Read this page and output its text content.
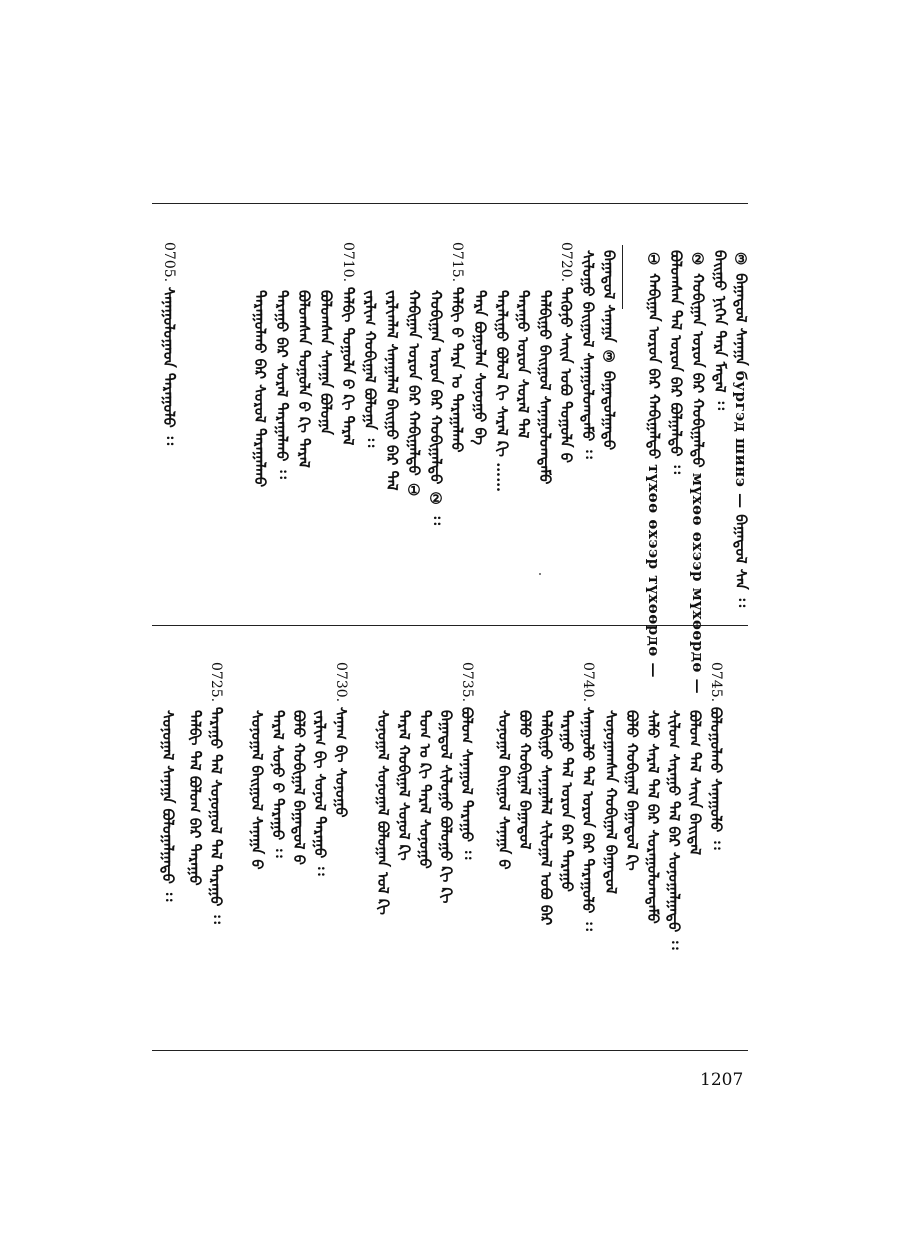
③ ᠪᠠᠭᠠᠳᠤᠯ ᠰᠠᠨᠠᠭᠠ бургэд шинэ — ᠪᠠᠭᠠᠳᠤᠯ ᠰᠠᠨ ᠄᠄
ᠪᠠᠢ᠌ᠭᠤ ᠨᠢᠭᠡᠨ ᠲᠡᠷᠡ ᠮᠡᠳᠡᠯ ᠄᠄
② ᠬᠤᠪᠢᠭᠠᠨ ᠣᠷᠤᠨ ᠪᠠᠷ ᠬᠤᠪᠢᠭᠠᠯᠳᠤ мүхөө өхээр мүхөөрдө —
ᠪᠤᠯᠤᠭᠰᠠᠨ ᠲᠠᠯ ᠣᠷᠤᠨ ᠪᠠᠷ ᠪᠣᠯᠭᠠᠯᠳᠤ ᠄᠄
① ᠬᠠᠪᠢᠭᠠᠨ ᠣᠷᠤᠨ ᠪᠠᠷ ᠬᠠᠪᠢᠭᠠᠯᠳᠤ түхөө өхээр түхөөрдө —
ᠪᠠᠭᠠᠳᠤᠯ ᠰᠠᠨᠠᠭᠠ ③ ᠪᠠᠭᠠᠳᠤᠯᠭᠠᠳᠤ
ᠰᠢᠯᠤᠭᠤ ᠪᠠᠢ᠌ᠭᠤᠯ ᠰᠠᠨᠠᠭᠤᠯᠤᠭᠳᠠᠮᠤ ᠄᠄
0720. ᠲᠡᠭᠦᠨᠦ ᠰᠠᠢ᠌ᠨ ᠤᠪᠤ ᠲᠣᠭᠤᠯᠠ ᠪ
ᠲᠠᠯᠪᠢᠭᠤ ᠪᠠᠢ᠌ᠭᠤᠯ ᠰᠠᠨᠠᠭᠤᠯᠤᠭᠳᠠᠮᠤ
ᠲᠠᠷᠠᠭᠤ ᠣᠷᠤᠨ ᠰᠤᠷᠠᠯ ᠲᠠᠯ
ᠲᠠᠷᠠᠯᠢᠭᠤ ᠪᠣᠯᠤᠯ ᠺᠢ ᠰᠠᠷᠠᠯ ᠺᠢ ……
ᠲᠠᠷᠠ ᠪᠣᠭᠤᠯᠠᠨ ᠰᠣᠨᠣᠭᠤ ᠪᠠ
0715. ᠲᠠᠯᠪᠢ ᠪ ᠲᠠᠷᠠ ᠤ ᠲᠠᠷᠠᠭᠠᠯᠬᠤ
ᠬᠤᠪᠢᠭᠠᠨ ᠣᠷᠤᠨ ᠪᠠᠷ ᠬᠤᠪᠢᠭᠠᠯᠳᠤ ② ᠄᠄
ᠬᠠᠪᠢᠭᠠᠨ ᠣᠷᠤᠨ ᠪᠠᠷ ᠬᠠᠪᠢᠭᠠᠯᠳᠤ ①
ᠵᠠᠷᠯᠢᠭᠯᠠᠯ ᠰᠠᠨᠠᠭᠠᠯᠠᠯ ᠪᠠᠢ᠌ᠭᠤ ᠪᠠᠷ ᠲᠠᠯ
ᠵᠠᠷᠯᠢᠭ ᠬᠤᠪᠢᠭᠠᠯ ᠪᠣᠯᠤᠭᠠ ᠄᠄
0710. ᠲᠠᠯᠪᠢ ᠲᠣᠭᠤᠯᠠ ᠪ ᠺᠢ ᠲᠠᠷᠠᠯ
ᠪᠣᠯᠤᠭᠰᠠᠨ ᠰᠠᠨᠠᠭᠠ ᠪᠣᠯᠤᠭᠠ
ᠪᠣᠯᠤᠭᠰᠠᠨ ᠲᠣᠭᠤᠯᠠ ᠪ ᠺᠢ ᠲᠠᠷᠠᠯ
ᠲᠠᠷᠠᠭᠤ ᠪᠠᠷ ᠰᠤᠷᠠᠯ ᠲᠠᠷᠠᠭᠠᠯᠬᠤ ᠄᠄
ᠲᠠᠷᠠᠭᠤᠯᠬᠤ ᠪᠠᠷ ᠰᠣᠷᠤᠯ ᠲᠠᠷᠠᠭᠠᠯᠬᠤ
0705. ᠰᠠᠨᠠᠭᠤᠯᠤᠭᠠᠳ ᠲᠠᠷᠠᠭᠤᠯᠤ ᠄᠄
0745. ᠪᠣᠯᠤᠭᠤᠯᠬᠤ ᠰᠠᠨᠠᠭᠤᠯᠤ ᠄᠄
ᠪᠣᠯᠤᠭ ᠲᠠᠯ ᠰᠠᠢ᠌ᠨ ᠪᠠᠢ᠌ᠳᠠᠯ
ᠰᠢᠯᠤᠭ ᠰᠠᠷᠠᠭᠤ ᠲᠠᠯ ᠪᠠᠷ ᠰᠣᠨᠣᠭᠠᠯᠭᠠᠳᠤ ᠄᠄
ᠰᠠᠯᠤ ᠰᠠᠷᠠᠯ ᠲᠠᠯ ᠪᠠᠷ ᠰᠤᠷᠠᠭᠤᠯᠤᠭᠳᠠᠮᠤ
ᠪᠣᠯᠤ ᠬᠤᠪᠢᠭᠠᠯ ᠪᠠᠭᠠᠳᠤᠯ ᠺᠢ
ᠰᠣᠨᠣᠭᠠᠭᠰᠠᠨ ᠬᠤᠪᠢᠭᠠᠯ ᠪᠠᠭᠠᠳᠤᠯ
0740. ᠰᠠᠨᠠᠭᠤᠯᠤ ᠲᠠᠯ ᠣᠷᠤᠨ ᠪᠠᠷ ᠲᠠᠷᠠᠭᠤᠯᠤ ᠄᠄
ᠲᠠᠷᠠᠭᠤ ᠲᠠᠯ ᠣᠷᠤᠨ ᠪᠠᠷ ᠲᠠᠷᠠᠭᠤ
ᠲᠠᠯᠪᠢᠭᠤ ᠰᠠᠨᠠᠭᠠᠯᠠᠯ ᠰᠢᠯᠤᠭᠠᠯ ᠤᠪᠤ ᠪᠠᠷ
ᠪᠣᠯᠤ ᠬᠤᠪᠢᠭᠠᠯ ᠪᠠᠭᠠᠳᠤᠯ
ᠰᠣᠨᠣᠭᠠᠯ ᠪᠠᠢ᠌ᠭᠤᠯ ᠰᠠᠨᠠᠭᠠ ᠪ
0735. ᠪᠣᠯᠤᠭ ᠰᠠᠨᠠᠭᠤᠯ ᠲᠠᠷᠠᠭᠤ ᠄᠄
ᠪᠠᠭᠠᠳᠤᠯ ᠰᠢᠯᠤᠭᠤ ᠪᠣᠯᠤᠭᠤ ᠺᠢ ᠺᠢ
ᠲᠣᠭ ᠤ ᠺᠢ ᠲᠠᠷᠠᠯ ᠰᠣᠨᠣᠭᠤ
ᠲᠠᠷᠠᠯ ᠬᠤᠪᠢᠭᠠᠯ ᠰᠣᠨᠣᠯ ᠺᠢ
ᠰᠣᠨᠣᠭᠠᠯ ᠰᠣᠨᠣᠭᠠᠯ ᠪᠣᠯᠤᠭᠠᠨ ᠤᠯ ᠺᠢ
0730. ᠰᠠᠨᠠᠭ ᠪᠢ ᠰᠣᠨᠣᠭᠤ
ᠵᠠᠷᠯᠢᠭ ᠪᠢ ᠰᠣᠨᠣᠯ ᠲᠠᠷᠠᠭᠤ ᠄᠄
ᠪᠣᠯᠤ ᠬᠤᠪᠢᠭᠠᠯ ᠪᠠᠭᠠᠳᠤᠯ ᠪ
ᠲᠠᠷᠠᠯ ᠰᠣᠨᠣ ᠪ ᠲᠠᠷᠠᠭᠤ ᠄᠄
ᠰᠣᠨᠣᠭᠠᠯ ᠪᠠᠢ᠌ᠭᠤᠯ ᠰᠠᠨᠠᠭᠠ ᠪ
0725. ᠲᠠᠷᠠᠭᠤ ᠲᠠᠯ ᠰᠣᠨᠣᠭᠤᠯ ᠲᠠᠯ ᠲᠠᠷᠠᠭᠤ ᠄᠄
ᠲᠠᠯᠪᠢ ᠲᠠᠯ ᠪᠣᠯᠤᠭ ᠪᠠᠷ ᠲᠠᠷᠠᠭᠤ
ᠰᠣᠨᠣᠭᠠᠯ ᠰᠠᠨᠠᠭᠠ ᠪᠣᠯᠤᠭᠠᠯᠭᠠᠳᠤ ᠄᠄
1207
